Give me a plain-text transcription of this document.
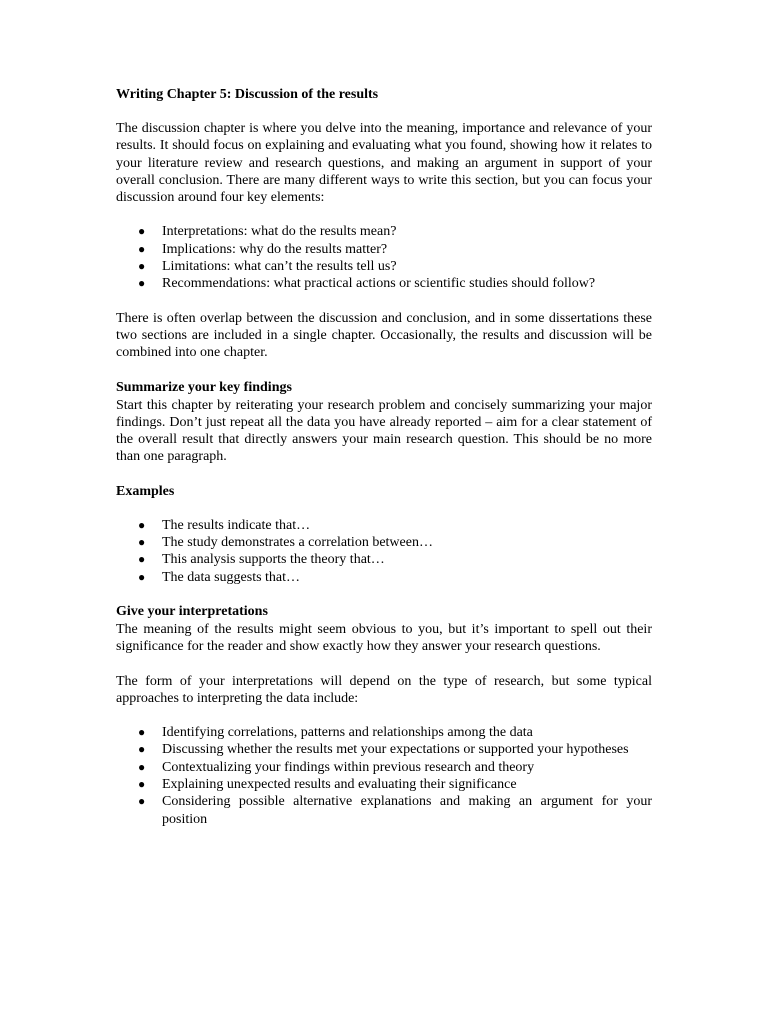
Writing Chapter 5: Discussion of the results

The discussion chapter is where you delve into the meaning, importance and relevance of your results. It should focus on explaining and evaluating what you found, showing how it relates to your literature review and research questions, and making an argument in support of your overall conclusion. There are many different ways to write this section, but you can focus your discussion around four key elements:

● Interpretations: what do the results mean?
● Implications: why do the results matter?
● Limitations: what can’t the results tell us?
● Recommendations: what practical actions or scientific studies should follow?

There is often overlap between the discussion and conclusion, and in some dissertations these two sections are included in a single chapter. Occasionally, the results and discussion will be combined into one chapter.

Summarize your key findings

Start this chapter by reiterating your research problem and concisely summarizing your major findings. Don’t just repeat all the data you have already reported – aim for a clear statement of the overall result that directly answers your main research question. This should be no more than one paragraph.

Examples
● The results indicate that…
● The study demonstrates a correlation between…
● This analysis supports the theory that…
● The data suggests that…
Give your interpretations

The meaning of the results might seem obvious to you, but it’s important to spell out their significance for the reader and show exactly how they answer your research questions.

The form of your interpretations will depend on the type of research, but some typical approaches to interpreting the data include:

● Identifying correlations, patterns and relationships among the data
● Discussing whether the results met your expectations or supported your hypotheses
● Contextualizing your findings within previous research and theory
● Explaining unexpected results and evaluating their significance
● Considering possible alternative explanations and making an argument for your position
